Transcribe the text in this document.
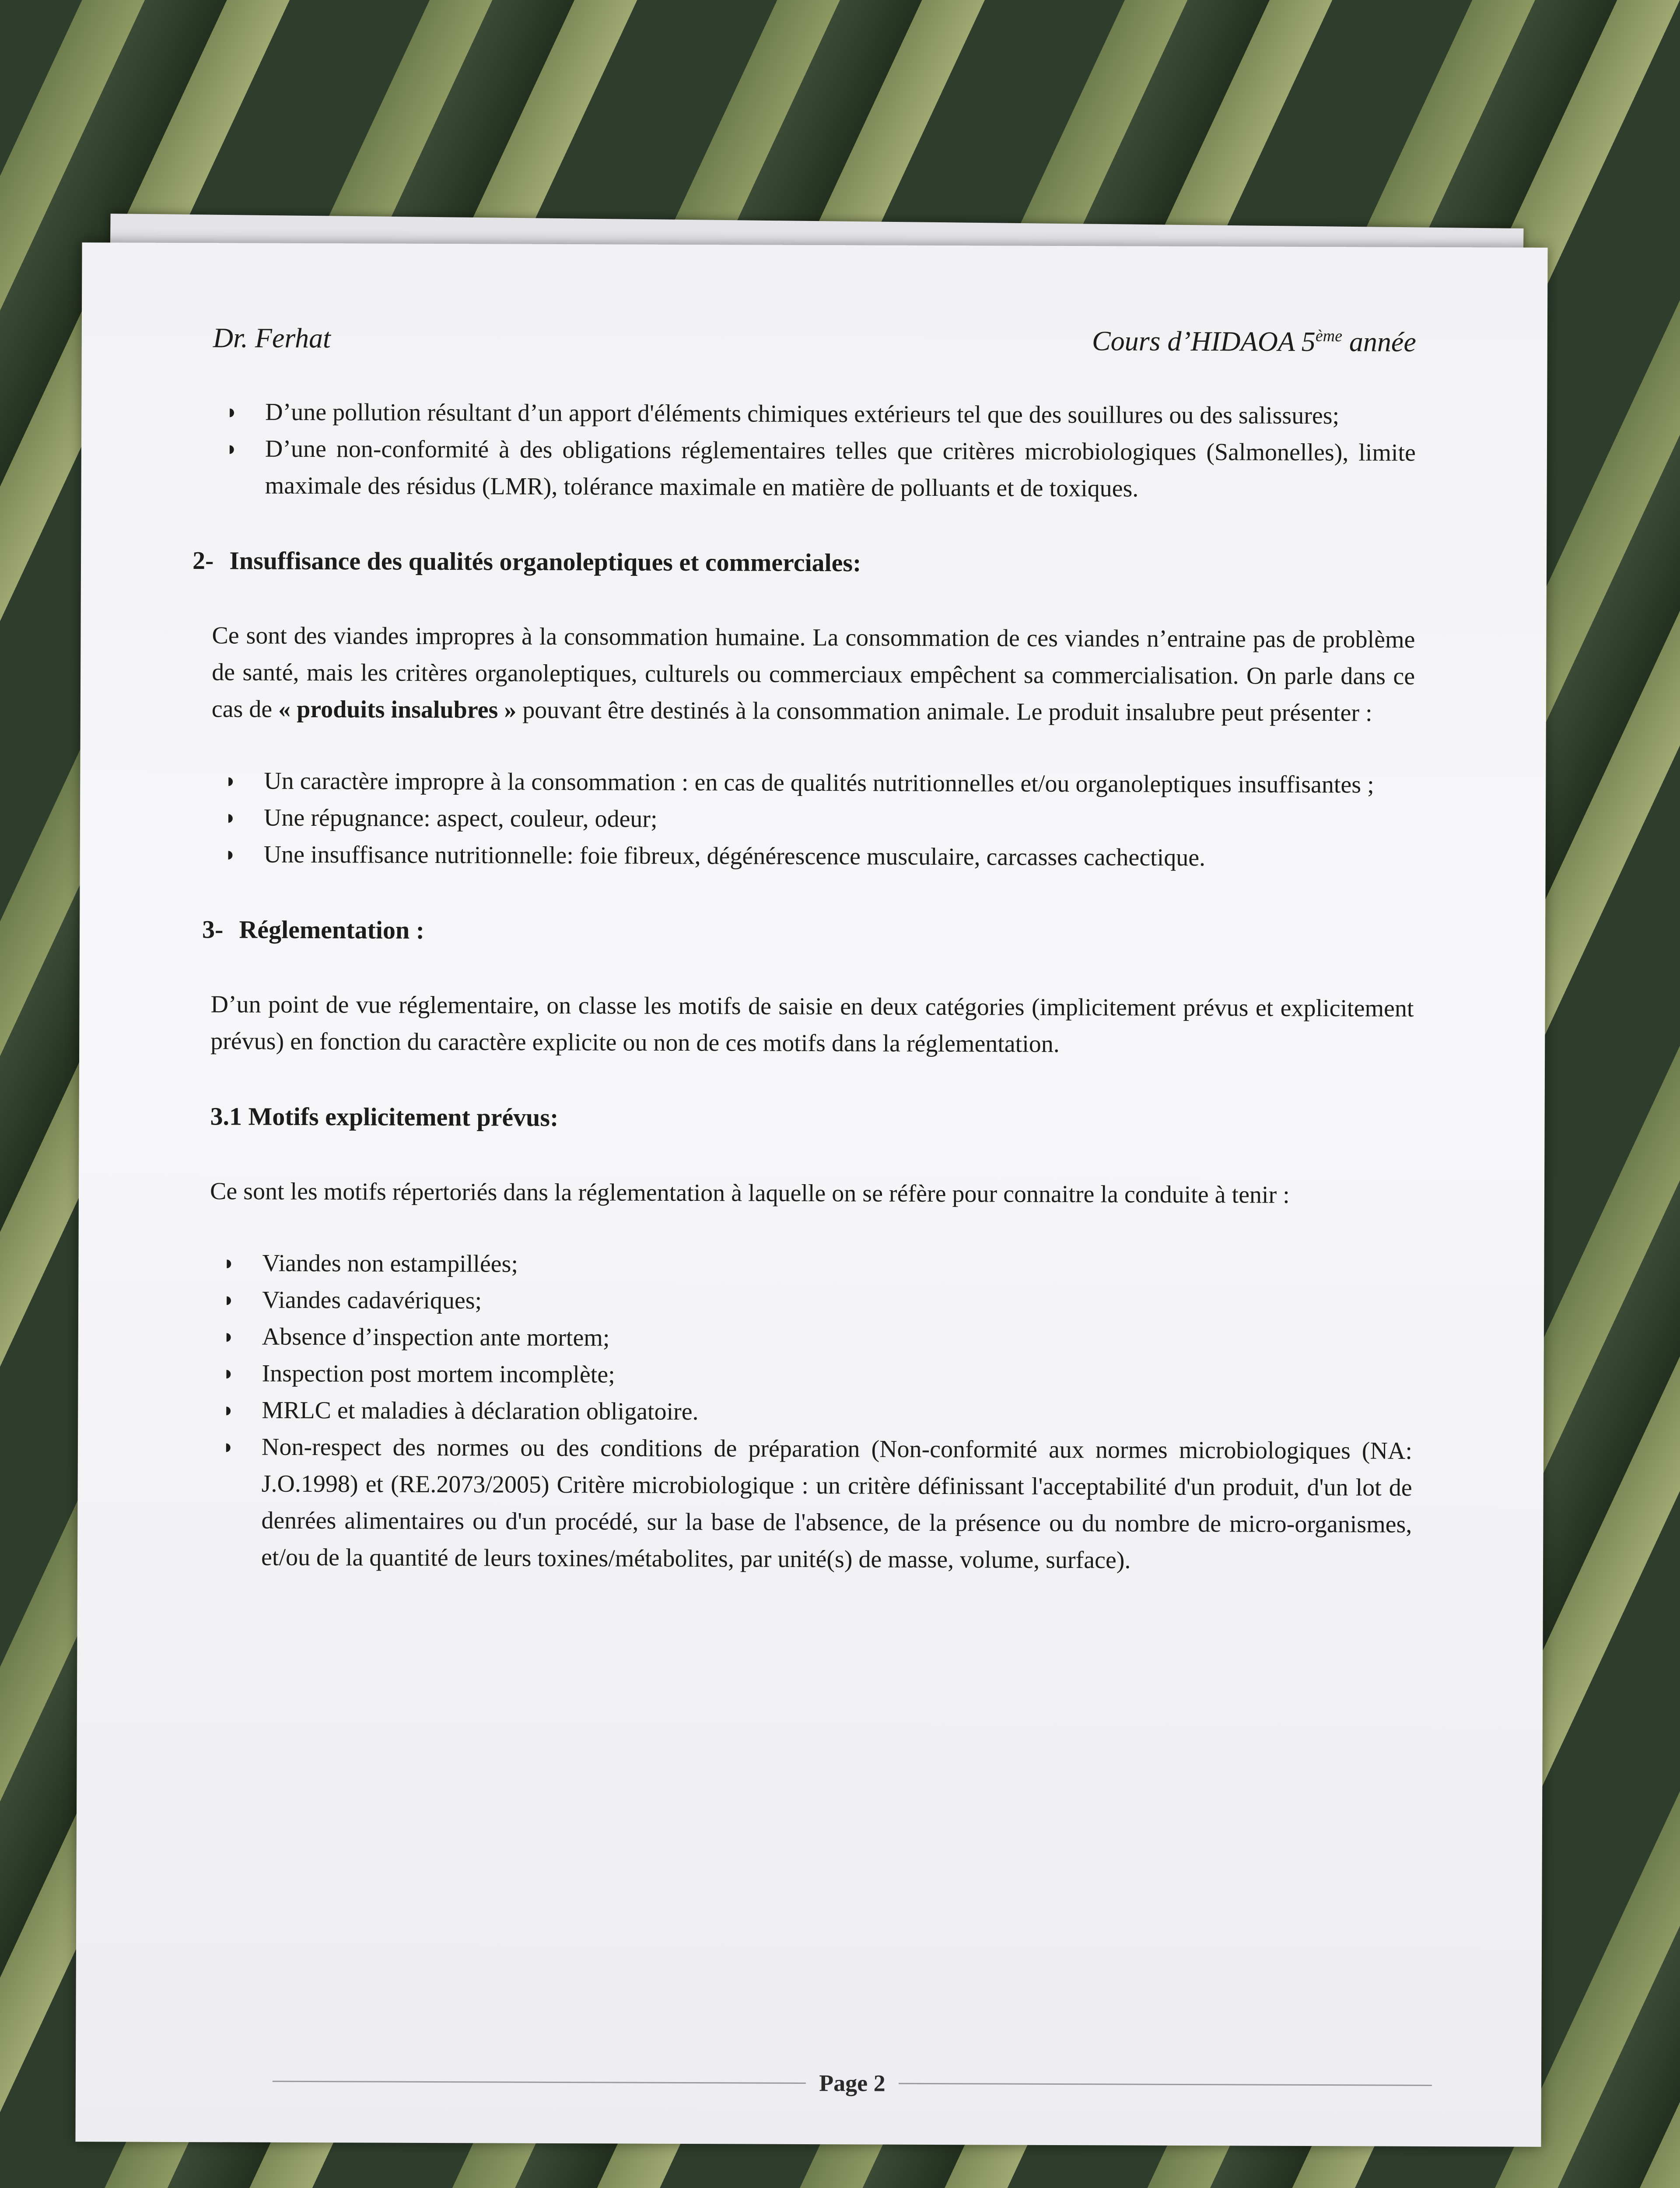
Dr. Ferhat	Cours d’HIDAOA 5ème année
◗ D’une pollution résultant d’un apport d'éléments chimiques extérieurs tel que des souillures ou des salissures;
◗ D’une non-conformité à des obligations réglementaires telles que critères microbiologiques (Salmonelles), limite maximale des résidus (LMR), tolérance maximale en matière de polluants et de toxiques.
2- Insuffisance des qualités organoleptiques et commerciales:

Ce sont des viandes impropres à la consommation humaine. La consommation de ces viandes n’entraine pas de problème de santé, mais les critères organoleptiques, culturels ou commerciaux empêchent sa commercialisation. On parle dans ce cas de « produits insalubres » pouvant être destinés à la consommation animale. Le produit insalubre peut présenter :

◗ Un caractère impropre à la consommation : en cas de qualités nutritionnelles et/ou organoleptiques insuffisantes ;
◗ Une répugnance: aspect, couleur, odeur;
◗ Une insuffisance nutritionnelle: foie fibreux, dégénérescence musculaire, carcasses cachectique.
3- Réglementation :

D’un point de vue réglementaire, on classe les motifs de saisie en deux catégories (implicitement prévus et explicitement prévus) en fonction du caractère explicite ou non de ces motifs dans la réglementation.

3.1 Motifs explicitement prévus:

Ce sont les motifs répertoriés dans la réglementation à laquelle on se réfère pour connaitre la conduite à tenir :

◗ Viandes non estampillées;
◗ Viandes cadavériques;
◗ Absence d’inspection ante mortem;
◗ Inspection post mortem incomplète;
◗ MRLC et maladies à déclaration obligatoire.
◗ Non-respect des normes ou des conditions de préparation (Non-conformité aux normes microbiologiques (NA: J.O.1998) et (RE.2073/2005) Critère microbiologique : un critère définissant l'acceptabilité d'un produit, d'un lot de denrées alimentaires ou d'un procédé, sur la base de l'absence, de la présence ou du nombre de micro-organismes, et/ou de la quantité de leurs toxines/métabolites, par unité(s) de masse, volume, surface).
Page 2
